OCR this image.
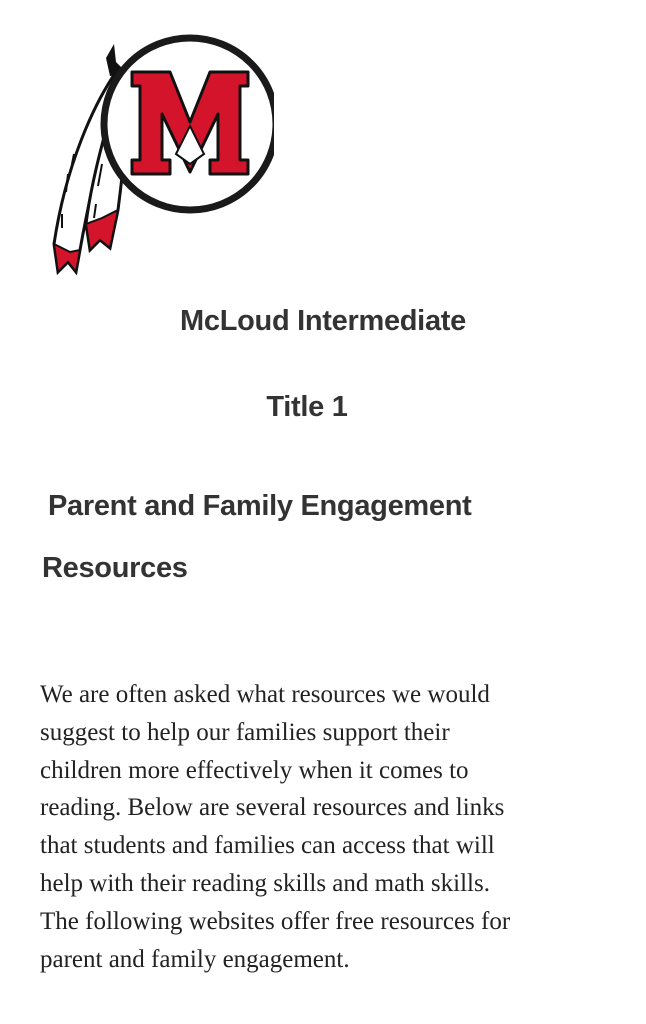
McLoud Intermediate
Title 1
Parent and Family Engagement
Resources
We are often asked what resources we would
suggest to help our families support their
children more effectively when it comes to
reading. Below are several resources and links
that students and families can access that will
help with their reading skills and math skills.
The following websites offer free resources for
parent and family engagement.
